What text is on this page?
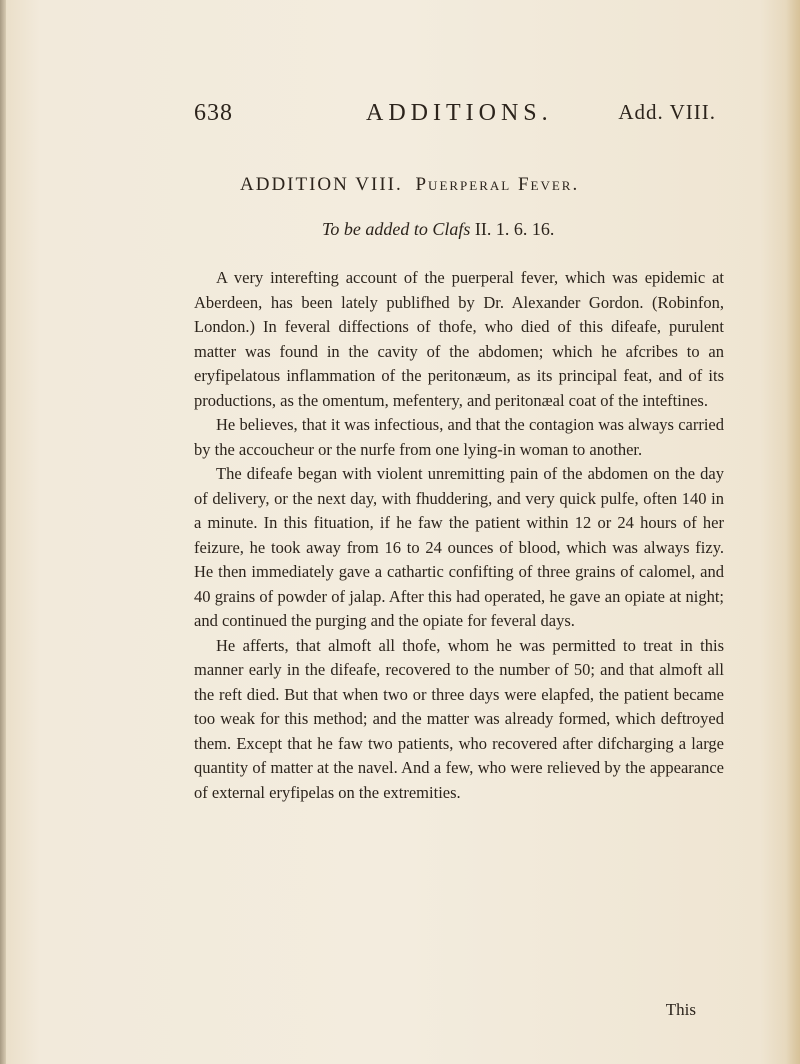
638	ADDITIONS.	Add. VIII.
ADDITION VIII. Puerperal Fever.
To be added to Clafs II. 1. 6. 16.

A very interefting account of the puerperal fever, which was epidemic at Aberdeen, has been lately publifhed by Dr. Alexander Gordon. (Robinfon, London.) In feveral diffections of thofe, who died of this difeafe, purulent matter was found in the cavity of the abdomen; which he afcribes to an eryfipelatous inflammation of the peritonæum, as its principal feat, and of its productions, as the omentum, mefentery, and peritonæal coat of the inteftines.

He believes, that it was infectious, and that the contagion was always carried by the accoucheur or the nurfe from one lying-in woman to another.

The difeafe began with violent unremitting pain of the abdomen on the day of delivery, or the next day, with fhuddering, and very quick pulfe, often 140 in a minute. In this fituation, if he faw the patient within 12 or 24 hours of her feizure, he took away from 16 to 24 ounces of blood, which was always fizy. He then immediately gave a cathartic confifting of three grains of calomel, and 40 grains of powder of jalap. After this had operated, he gave an opiate at night; and continued the purging and the opiate for feveral days.

He afferts, that almoft all thofe, whom he was permitted to treat in this manner early in the difeafe, recovered to the number of 50; and that almoft all the reft died. But that when two or three days were elapfed, the patient became too weak for this method; and the matter was already formed, which deftroyed them. Except that he faw two patients, who recovered after difcharging a large quantity of matter at the navel. And a few, who were relieved by the appearance of external eryfipelas on the extremities.

This
